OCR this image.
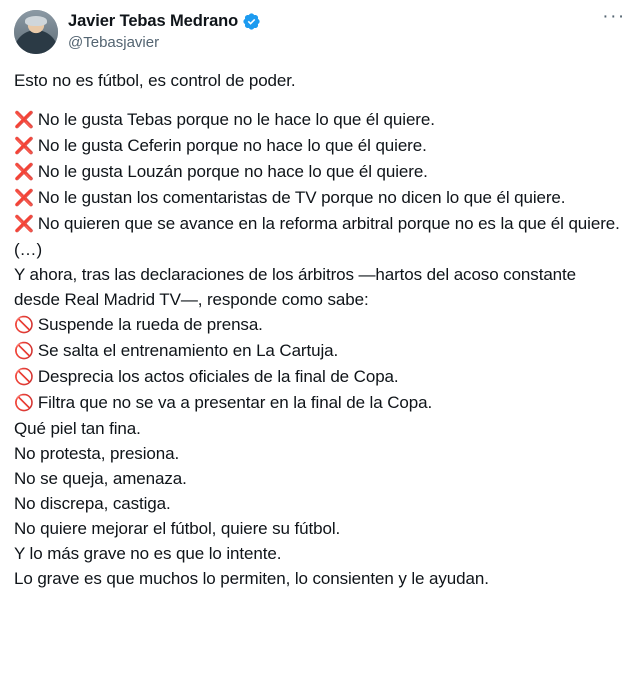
Javier Tebas Medrano
@Tebasjavier
···
Esto no es fútbol, es control de poder.
❌ No le gusta Tebas porque no le hace lo que él quiere.
❌ No le gusta Ceferin porque no hace lo que él quiere.
❌ No le gusta Louzán porque no hace lo que él quiere.
❌ No le gustan los comentaristas de TV porque no dicen lo que él quiere.
❌ No quieren que se avance en la reforma arbitral porque no es la que él quiere.
(…)
Y ahora, tras las declaraciones de los árbitros —hartos del acoso constante desde Real Madrid TV—, responde como sabe:
🚫 Suspende la rueda de prensa.
🚫 Se salta el entrenamiento en La Cartuja.
🚫 Desprecia los actos oficiales de la final de Copa.
🚫 Filtra que no se va a presentar en la final de la Copa.
Qué piel tan fina.
No protesta, presiona.
No se queja, amenaza.
No discrepa, castiga.
No quiere mejorar el fútbol, quiere su fútbol.
Y lo más grave no es que lo intente.
Lo grave es que muchos lo permiten, lo consienten y le ayudan.
